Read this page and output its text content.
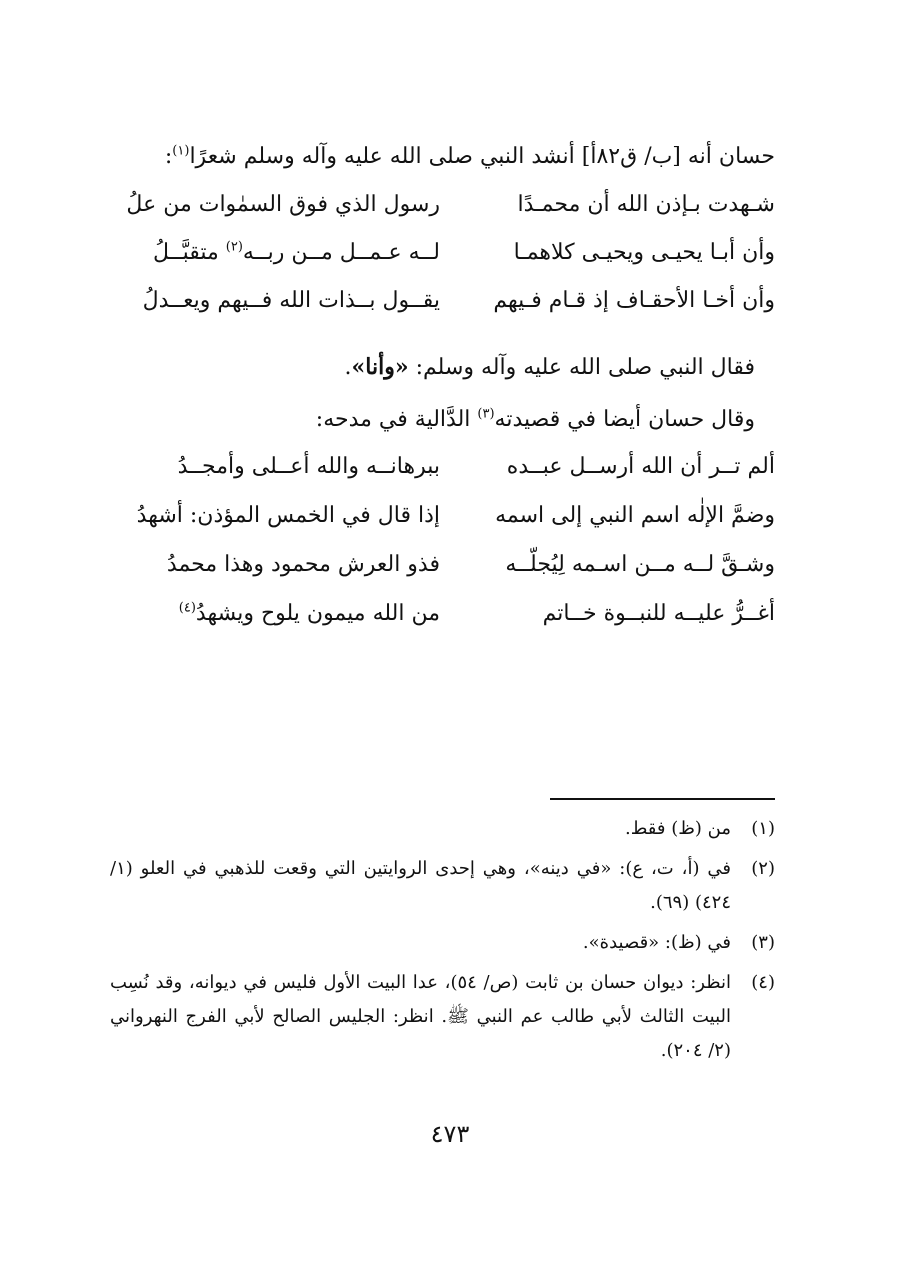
حسان أنه [ب/ ق٨٢أ] أنشد النبي صلى الله عليه وآله وسلم شعرًا$^{(١)}$:
شـهدت بـإذن الله أن محمـدًا
رسول الذي فوق السمٰوات من علُ
وأن أبـا يحيـى ويحيـى كلاهمـا
لــه عـمــل مــن ربــه$^{(٢)}$ متقبَّــلُ
وأن أخـا الأحقـاف إذ قـام فـيهم
يقــول بــذات الله فــيهم ويعــدلُ
فقال النبي صلى الله عليه وآله وسلم: «وأنا».
وقال حسان أيضا في قصيدته$^{(٣)}$ الدَّالية في مدحه:
ألم تــر أن الله أرســل عبــده
ببرهانــه والله أعــلى وأمجــدُ
وضمَّ الإلٰه اسم النبي إلى اسمه
إذا قال في الخمس المؤذن: أشهدُ
وشـقَّ لــه مــن اسـمه لِيُجلّــه
فذو العرش محمود وهذا محمدُ
أغــرُّ عليــه للنبــوة خــاتم
من الله ميمون يلوح ويشهدُ$^{(٤)}$
(١)
من (ظ) فقط.
(٢)
في (أ، ت، ع): «في دينه»، وهي إحدى الروايتين التي وقعت للذهبي في العلو (١/ ٤٢٤) (٦٩).
(٣)
في (ظ): «قصيدة».
(٤)
انظر: ديوان حسان بن ثابت (ص/ ٥٤)، عدا البيت الأول فليس في ديوانه، وقد نُسِب البيت الثالث لأبي طالب عم النبي ﷺ. انظر: الجليس الصالح لأبي الفرج النهرواني (٢/ ٢٠٤).
٤٧٣
